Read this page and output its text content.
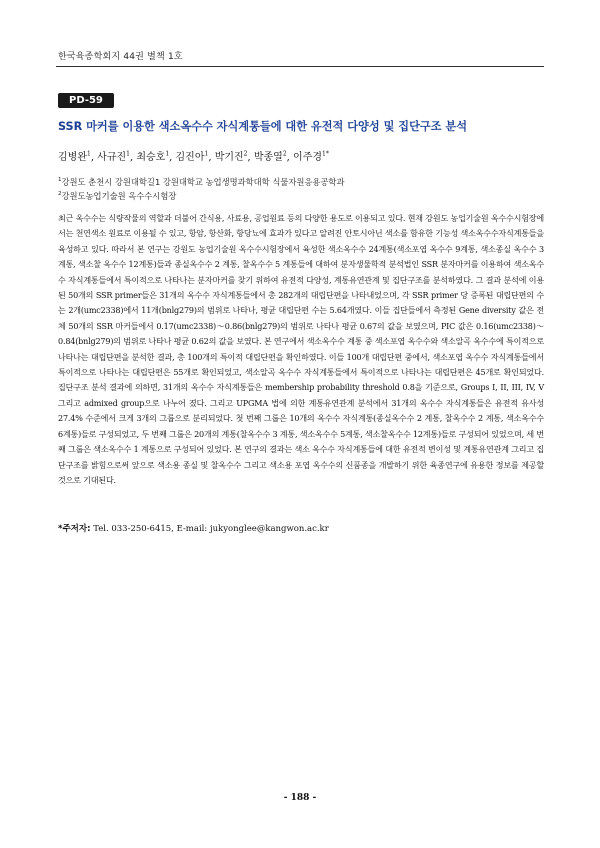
한국육종학회지 44권 별책 1호
PD-59
SSR 마커를 이용한 색소옥수수 자식계통들에 대한 유전적 다양성 및 집단구조 분석
김병완$^1$, 사규진$^1$, 최승호$^1$, 김진아$^1$, 박기진$^2$, 박종열$^2$, 이주경$^{1*}$
$^1$강원도 춘천시 강원대학길1 강원대학교 농업생명과학대학 식물자원응용공학과
$^2$강원도농업기술원 옥수수시험장

최근 옥수수는 식량작물의 역할과 더불어 간식용, 사료용, 공업원료 등의 다양한 용도로 이용되고 있다. 현재 강원도 농업기술원 옥수수시험장에서는 천연색소 원료로 이용될 수 있고, 항암, 항산화, 항당뇨에 효과가 있다고 알려진 안토시아닌 색소를 함유한 기능성 색소옥수수자식계통들을 육성하고 있다. 따라서 본 연구는 강원도 농업기술원 옥수수시험장에서 육성한 색소옥수수 24계통(색소포엽 옥수수 9계통, 색소종실 옥수수 3계통, 색소찰 옥수수 12계통)들과 종실옥수수 2 계통, 찰옥수수 5 계통들에 대하여 분자생물학적 분석법인 SSR 분자마커를 이용하여 색소옥수수 자식계통들에서 특이적으로 나타나는 분자마커를 찾기 위하여 유전적 다양성, 계통유연관계 및 집단구조를 분석하였다. 그 결과 분석에 이용된 50개의 SSR primer들은 31개의 옥수수 자식계통들에서 총 282개의 대립단편을 나타내었으며, 각 SSR primer 당 증폭된 대립단편의 수는 2개(umc2338)에서 11개(bnlg279)의 범위로 나타나, 평균 대립단편 수는 5.64개였다. 이들 집단들에서 측정된 Gene diversity 값은 전체 50개의 SSR 마커들에서 0.17(umc2338)～0.86(bnlg279)의 범위로 나타나 평균 0.67의 값을 보였으며, PIC 값은 0.16(umc2338)～0.84(bnlg279)의 범위로 나타나 평균 0.62의 값을 보였다. 본 연구에서 색소옥수수 계통 중 색소포엽 옥수수와 색소알곡 옥수수에 특이적으로 나타나는 대립단편을 분석한 결과, 총 100개의 특이적 대립단편을 확인하였다. 이들 100개 대립단편 중에서, 색소포엽 옥수수 자식계통들에서 특이적으로 나타나는 대립단편은 55개로 확인되었고, 색소알곡 옥수수 자식계통들에서 특이적으로 나타나는 대립단편은 45개로 확인되었다. 집단구조 분석 결과에 의하면, 31개의 옥수수 자식계통들은 membership probability threshold 0.8을 기준으로, Groups I, II, III, IV, V 그리고 admixed group으로 나누어 졌다. 그리고 UPGMA 법에 의한 계통유연관계 분석에서 31개의 옥수수 자식계통들은 유전적 유사성 27.4% 수준에서 크게 3개의 그룹으로 분리되었다. 첫 번째 그룹은 10개의 옥수수 자식계통(종실옥수수 2 계통, 찰옥수수 2 계통, 색소옥수수 6계통)들로 구성되었고, 두 번째 그룹은 20개의 계통(찰옥수수 3 계통, 색소옥수수 5계통, 색소찰옥수수 12계통)들로 구성되어 있었으며, 세 번째 그룹은 색소옥수수 1 계통으로 구성되어 있었다. 본 연구의 결과는 색소 옥수수 자식계통들에 대한 유전적 변이성 및 계통유연관계 그리고 집단구조를 밝힘으로써 앞으로 색소용 종실 및 찰옥수수 그리고 색소용 포엽 옥수수의 신품종을 개발하기 위한 육종연구에 유용한 정보를 제공할 것으로 기대된다.

*주저자: Tel. 033-250-6415, E-mail: jukyonglee@kangwon.ac.kr
- 188 -
